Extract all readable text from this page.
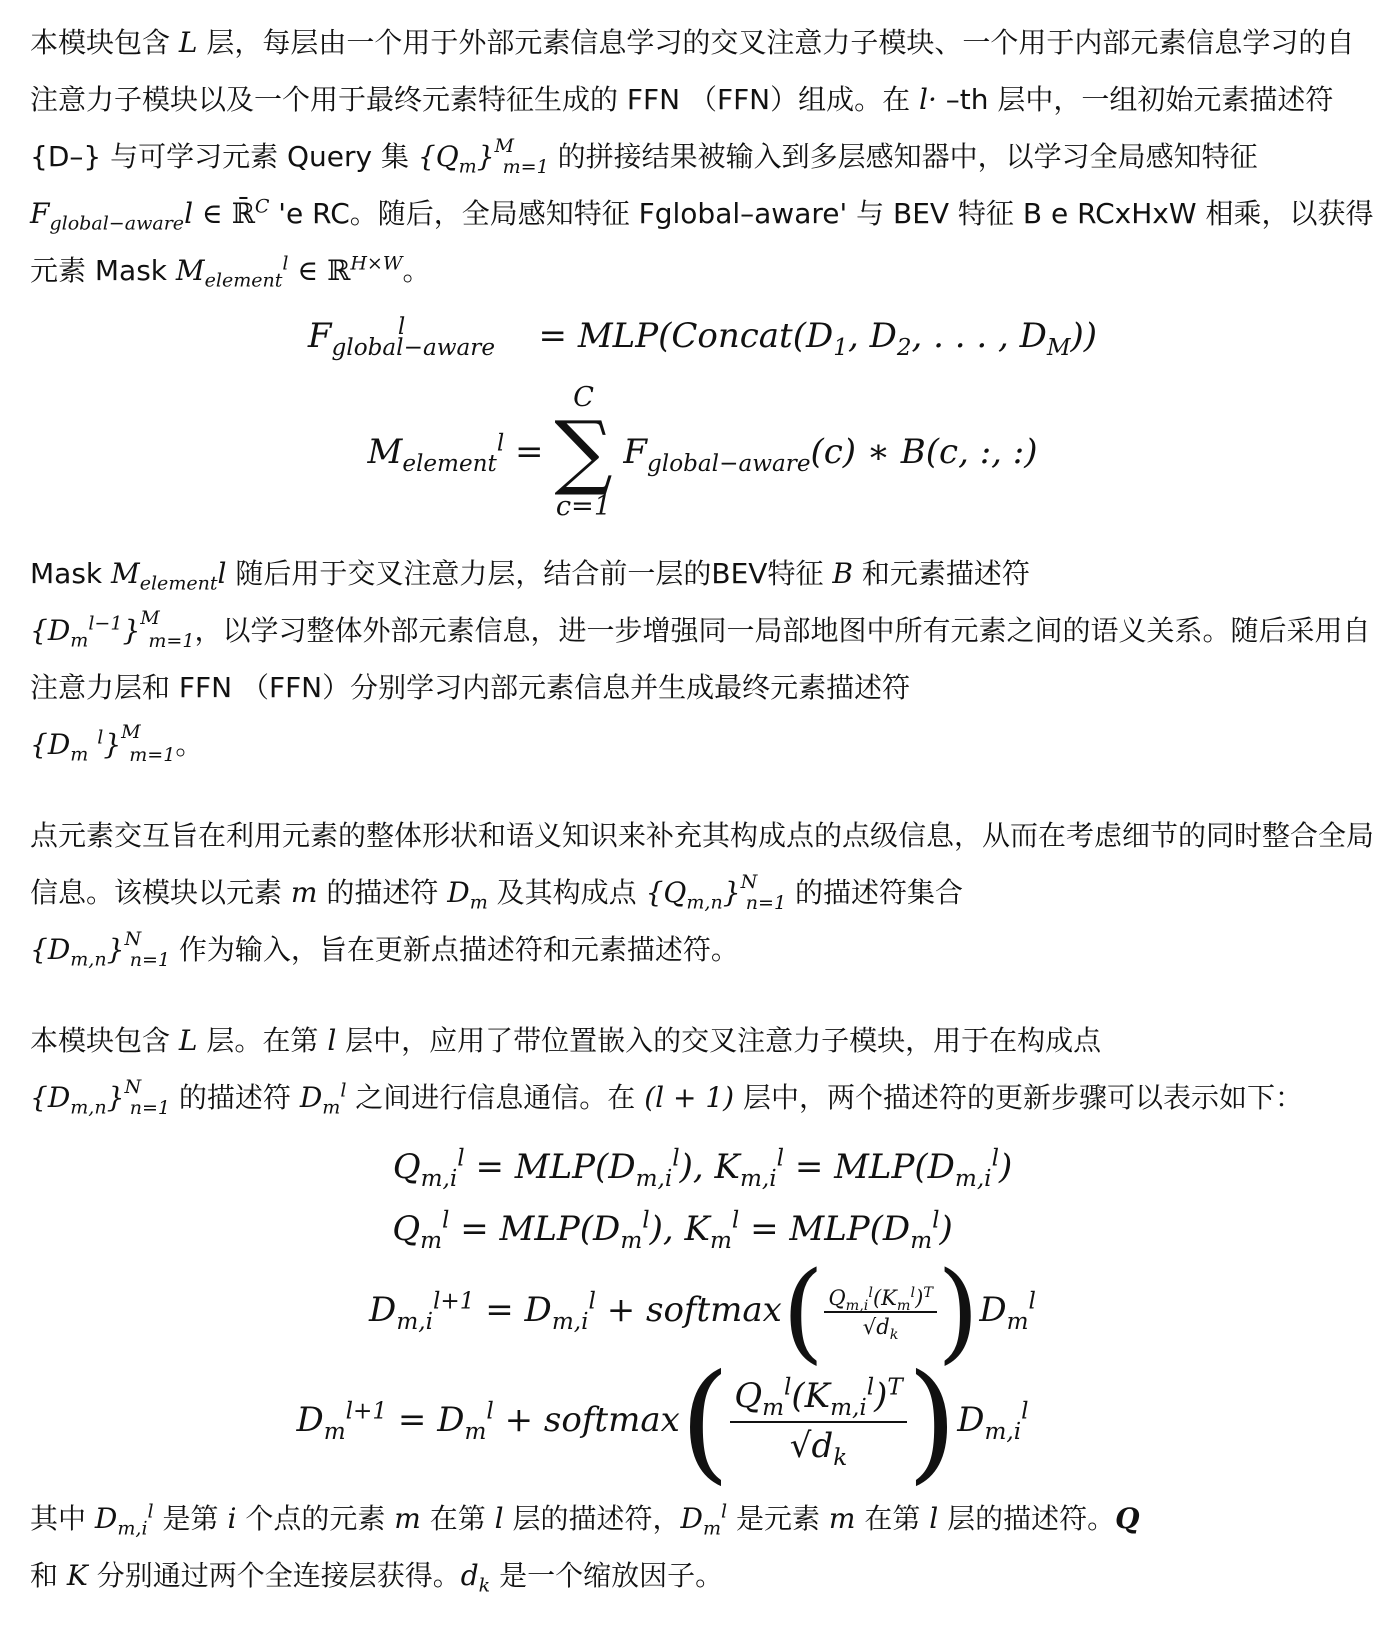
本模块包含 L 层，每层由一个用于外部元素信息学习的交叉注意力子模块、一个用于内部元素信息学习的自注意力子模块以及一个用于最终元素特征生成的 FFN （FFN）组成。在 l· –th 层中，一组初始元素描述符 {D–} 与可学习元素 Query 集 $\{Q_m\}^M_{m=1}$ 的拼接结果被输入到多层感知器中，以学习全局感知特征 $F_{global-aware}l$ ∈ ℝ̄$^C$ 'e RC。随后，全局感知特征 Fglobal–aware' 与 BEV 特征 B e RCxHxW 相乘，以获得元素 Mask $M_{element}^l$ ∈ ℝ$^{H\times W}$。

$F_{global-aware}^l$	= $MLP(Concat(D_1$, $D_2$, . . . , $D_M$))
$M_{element}^l$ =
C
∑
c=1
$F_{global-aware}(c)$ ∗ B(c, :, :)

Mask $M_{element}l$ 随后用于交叉注意力层，结合前一层的BEV特征 B 和元素描述符
$\{D_m^{l-1}\}^M_{m=1}$，以学习整体外部元素信息，进一步增强同一局部地图中所有元素之间的语义关系。随后采用自注意力层和 FFN （FFN）分别学习内部元素信息并生成最终元素描述符
{$D_m$ $^l$}$^M_{m=1}$。

点元素交互旨在利用元素的整体形状和语义知识来补充其构成点的点级信息，从而在考虑细节的同时整合全局信息。该模块以元素 m 的描述符 $D_m$ 及其构成点 $\{Q_{m,n}\}^N_{n=1}$ 的描述符集合
$\{D_{m,n}\}^N_{n=1}$ 作为输入，旨在更新点描述符和元素描述符。

本模块包含 L 层。在第 l 层中，应用了带位置嵌入的交叉注意力子模块，用于在构成点
$\{D_{m,n}\}^N_{n=1}$ 的描述符 $D_m^l$ 之间进行信息通信。在 (l + 1) 层中，两个描述符的更新步骤可以表示如下：

$Q_{m,i}^l = MLP(D_{m,i}^l)$, $K_{m,i}^l = MLP(D_{m,i}^l)$
$Q_m^l = MLP(D_m^l)$, $K_m^l = MLP(D_m^l)$
$D_{m,i}^{l+1} = D_{m,i}^l$ + softmax( $\frac{Q_{m,i}^l(K_m^l)^T}{√d_k} )D_m^l$
$D_m^{l+1} = D_m^l$ + softmax( $\frac{Q_m^l(K_{m,i}^l)^T}{√d_k} )D_{m,i}^l$

其中 $D_{m,i}^l$ 是第 i 个点的元素 m 在第 l 层的描述符，$D_m^l$ 是元素 m 在第 l 层的描述符。Q
和 K 分别通过两个全连接层获得。$d_k$ 是一个缩放因子。
